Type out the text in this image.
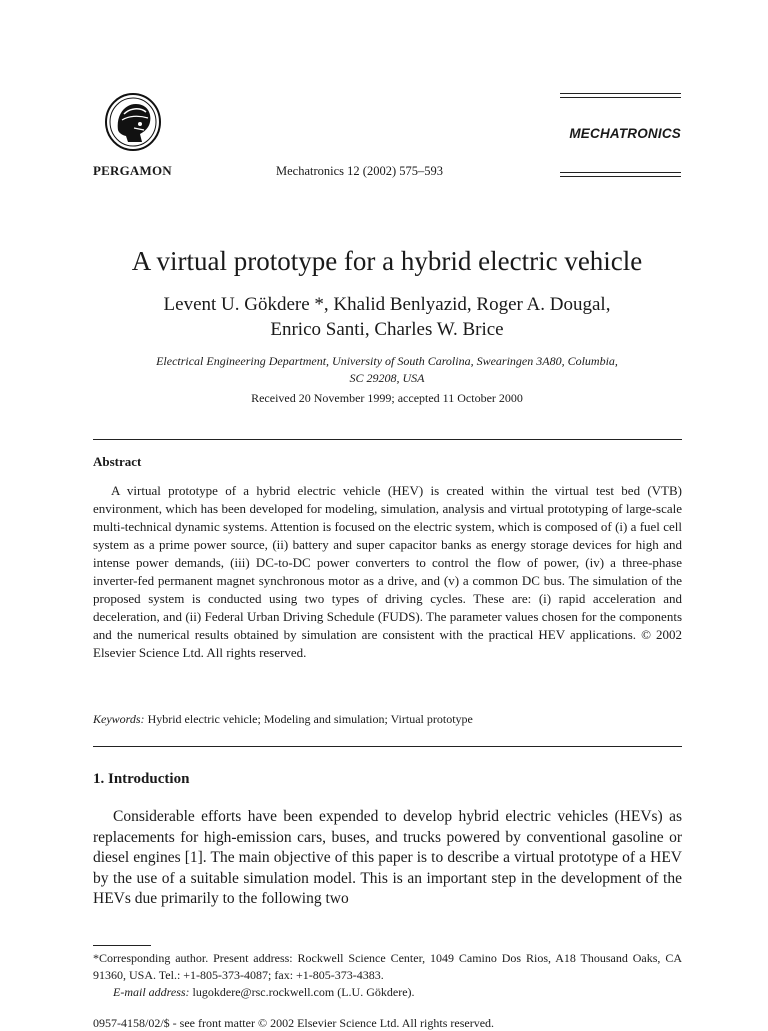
PERGAMON	Mechatronics 12 (2002) 575–593
MECHATRONICS
A virtual prototype for a hybrid electric vehicle
Levent U. Gökdere *, Khalid Benlyazid, Roger A. Dougal,
Enrico Santi, Charles W. Brice
Electrical Engineering Department, University of South Carolina, Swearingen 3A80, Columbia,
SC 29208, USA
Received 20 November 1999; accepted 11 October 2000
Abstract

A virtual prototype of a hybrid electric vehicle (HEV) is created within the virtual test bed (VTB) environment, which has been developed for modeling, simulation, analysis and virtual prototyping of large-scale multi-technical dynamic systems. Attention is focused on the electric system, which is composed of (i) a fuel cell system as a prime power source, (ii) battery and super capacitor banks as energy storage devices for high and intense power demands, (iii) DC-to-DC power converters to control the flow of power, (iv) a three-phase inverter-fed permanent magnet synchronous motor as a drive, and (v) a common DC bus. The simulation of the proposed system is conducted using two types of driving cycles. These are: (i) rapid acceleration and deceleration, and (ii) Federal Urban Driving Schedule (FUDS). The parameter values chosen for the components and the numerical results obtained by simulation are consistent with the practical HEV applications. © 2002 Elsevier Science Ltd. All rights reserved.

Keywords: Hybrid electric vehicle; Modeling and simulation; Virtual prototype
1. Introduction

Considerable efforts have been expended to develop hybrid electric vehicles (HEVs) as replacements for high-emission cars, buses, and trucks powered by conventional gasoline or diesel engines [1]. The main objective of this paper is to describe a virtual prototype of a HEV by the use of a suitable simulation model. This is an important step in the development of the HEVs due primarily to the following two

*Corresponding author. Present address: Rockwell Science Center, 1049 Camino Dos Rios, A18 Thousand Oaks, CA 91360, USA. Tel.: +1-805-373-4087; fax: +1-805-373-4383.

E-mail address: lugokdere@rsc.rockwell.com (L.U. Gökdere).
0957-4158/02/$ - see front matter © 2002 Elsevier Science Ltd. All rights reserved.
